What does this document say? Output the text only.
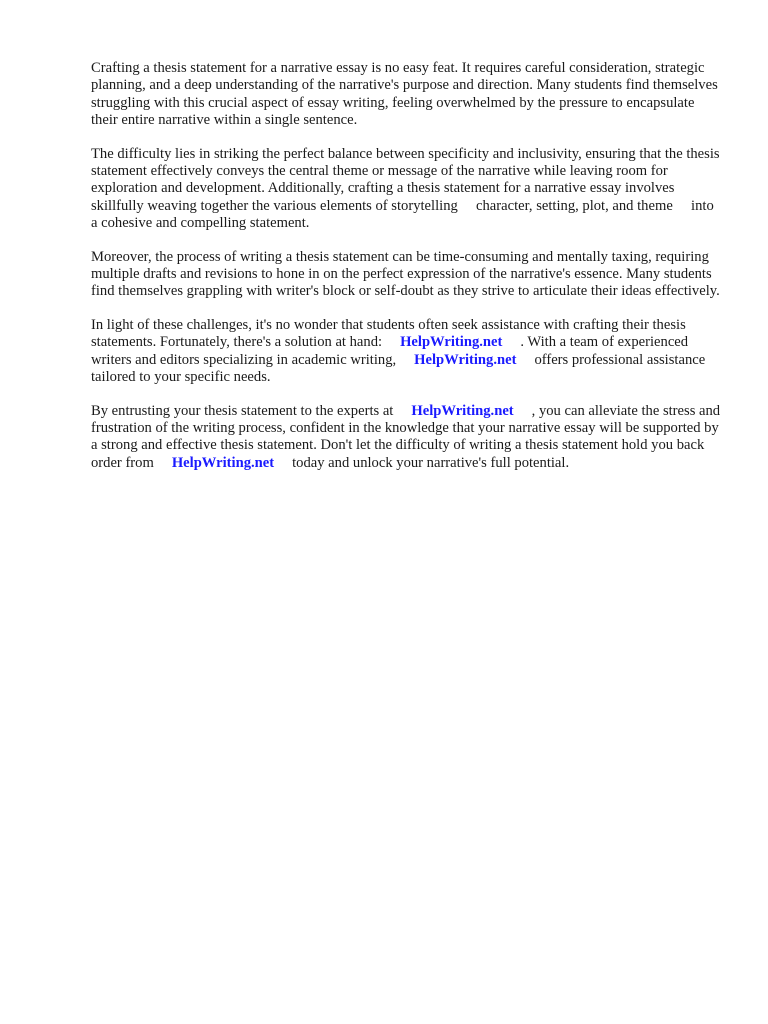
Crafting a thesis statement for a narrative essay is no easy feat. It requires careful consideration, strategic planning, and a deep understanding of the narrative's purpose and direction. Many students find themselves struggling with this crucial aspect of essay writing, feeling overwhelmed by the pressure to encapsulate their entire narrative within a single sentence.

The difficulty lies in striking the perfect balance between specificity and inclusivity, ensuring that the thesis statement effectively conveys the central theme or message of the narrative while leaving room for exploration and development. Additionally, crafting a thesis statement for a narrative essay involves skillfully weaving together the various elements of storytelling     character, setting, plot, and theme     into a cohesive and compelling statement.

Moreover, the process of writing a thesis statement can be time-consuming and mentally taxing, requiring multiple drafts and revisions to hone in on the perfect expression of the narrative's essence. Many students find themselves grappling with writer's block or self-doubt as they strive to articulate their ideas effectively.

In light of these challenges, it's no wonder that students often seek assistance with crafting their thesis statements. Fortunately, there's a solution at hand: HelpWriting.net . With a team of experienced writers and editors specializing in academic writing, HelpWriting.net offers professional assistance tailored to your specific needs.

By entrusting your thesis statement to the experts at HelpWriting.net , you can alleviate the stress and frustration of the writing process, confident in the knowledge that your narrative essay will be supported by a strong and effective thesis statement. Don't let the difficulty of writing a thesis statement hold you back     order from HelpWriting.net today and unlock your narrative's full potential.
